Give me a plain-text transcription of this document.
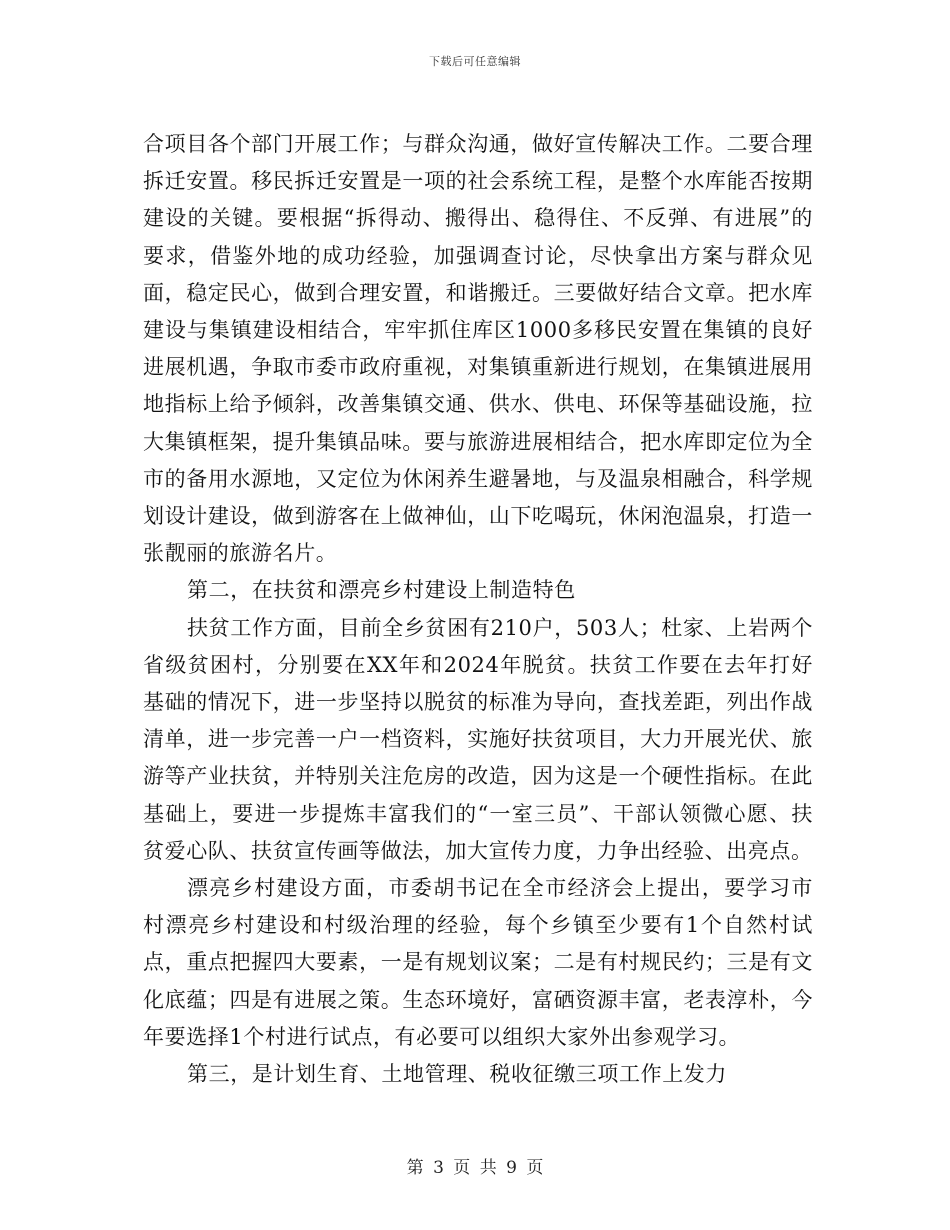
下载后可任意编辑

合项目各个部门开展工作；与群众沟通，做好宣传解决工作。二要合理拆迁安置。移民拆迁安置是一项的社会系统工程，是整个水库能否按期建设的关键。要根据“拆得动、搬得出、稳得住、不反弹、有进展”的要求，借鉴外地的成功经验，加强调查讨论，尽快拿出方案与群众见面，稳定民心，做到合理安置，和谐搬迁。三要做好结合文章。把水库建设与集镇建设相结合，牢牢抓住库区1000多移民安置在集镇的良好进展机遇，争取市委市政府重视，对集镇重新进行规划，在集镇进展用地指标上给予倾斜，改善集镇交通、供水、供电、环保等基础设施，拉大集镇框架，提升集镇品味。要与旅游进展相结合，把水库即定位为全市的备用水源地，又定位为休闲养生避暑地，与及温泉相融合，科学规划设计建设，做到游客在上做神仙，山下吃喝玩，休闲泡温泉，打造一张靓丽的旅游名片。

第二，在扶贫和漂亮乡村建设上制造特色

扶贫工作方面，目前全乡贫困有210户，503人；杜家、上岩两个省级贫困村，分别要在XX年和2024年脱贫。扶贫工作要在去年打好基础的情况下，进一步坚持以脱贫的标准为导向，查找差距，列出作战清单，进一步完善一户一档资料，实施好扶贫项目，大力开展光伏、旅游等产业扶贫，并特别关注危房的改造，因为这是一个硬性指标。在此基础上，要进一步提炼丰富我们的“一室三员”、干部认领微心愿、扶贫爱心队、扶贫宣传画等做法，加大宣传力度，力争出经验、出亮点。

漂亮乡村建设方面，市委胡书记在全市经济会上提出，要学习市村漂亮乡村建设和村级治理的经验，每个乡镇至少要有1个自然村试点，重点把握四大要素，一是有规划议案；二是有村规民约；三是有文化底蕴；四是有进展之策。生态环境好，富硒资源丰富，老表淳朴，今年要选择1个村进行试点，有必要可以组织大家外出参观学习。

第三，是计划生育、土地管理、税收征缴三项工作上发力

第 3 页 共 9 页
